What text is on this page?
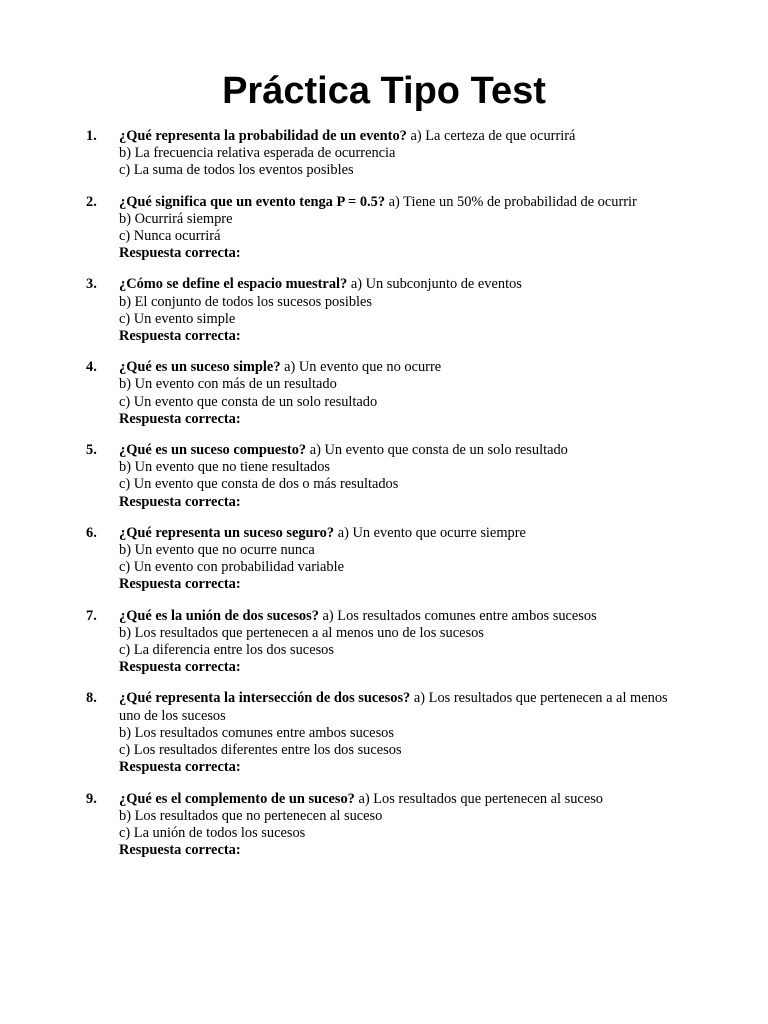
Práctica Tipo Test
1. ¿Qué representa la probabilidad de un evento? a) La certeza de que ocurrirá
b) La frecuencia relativa esperada de ocurrencia
c) La suma de todos los eventos posibles
2. ¿Qué significa que un evento tenga P = 0.5? a) Tiene un 50% de probabilidad de ocurrir
b) Ocurrirá siempre
c) Nunca ocurrirá
Respuesta correcta:
3. ¿Cómo se define el espacio muestral? a) Un subconjunto de eventos
b) El conjunto de todos los sucesos posibles
c) Un evento simple
Respuesta correcta:
4. ¿Qué es un suceso simple? a) Un evento que no ocurre
b) Un evento con más de un resultado
c) Un evento que consta de un solo resultado
Respuesta correcta:
5. ¿Qué es un suceso compuesto? a) Un evento que consta de un solo resultado
b) Un evento que no tiene resultados
c) Un evento que consta de dos o más resultados
Respuesta correcta:
6. ¿Qué representa un suceso seguro? a) Un evento que ocurre siempre
b) Un evento que no ocurre nunca
c) Un evento con probabilidad variable
Respuesta correcta:
7. ¿Qué es la unión de dos sucesos? a) Los resultados comunes entre ambos sucesos
b) Los resultados que pertenecen a al menos uno de los sucesos
c) La diferencia entre los dos sucesos
Respuesta correcta:
8. ¿Qué representa la intersección de dos sucesos? a) Los resultados que pertenecen a al menos uno de los sucesos
b) Los resultados comunes entre ambos sucesos
c) Los resultados diferentes entre los dos sucesos
Respuesta correcta:
9. ¿Qué es el complemento de un suceso? a) Los resultados que pertenecen al suceso
b) Los resultados que no pertenecen al suceso
c) La unión de todos los sucesos
Respuesta correcta:
